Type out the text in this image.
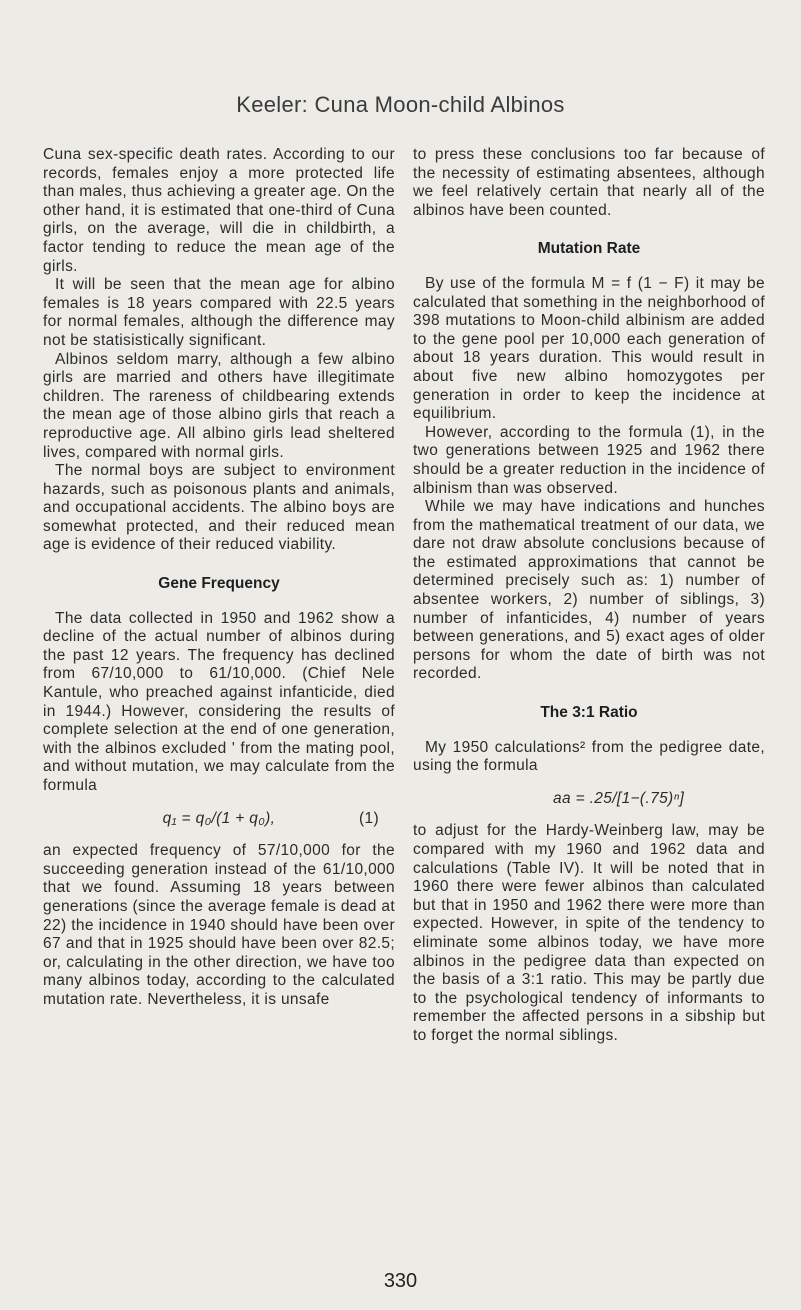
Keeler: Cuna Moon-child Albinos

Cuna sex-specific death rates. According to our records, females enjoy a more protected life than males, thus achieving a greater age. On the other hand, it is estimated that one-third of Cuna girls, on the average, will die in childbirth, a factor tending to reduce the mean age of the girls.

It will be seen that the mean age for albino females is 18 years compared with 22.5 years for normal females, although the difference may not be statisistically significant.

Albinos seldom marry, although a few albino girls are married and others have illegitimate children. The rareness of childbearing extends the mean age of those albino girls that reach a reproductive age. All albino girls lead sheltered lives, compared with normal girls.

The normal boys are subject to environment hazards, such as poisonous plants and animals, and occupational accidents. The albino boys are somewhat protected, and their reduced mean age is evidence of their reduced viability.

Gene Frequency

The data collected in 1950 and 1962 show a decline of the actual number of albinos during the past 12 years. The frequency has declined from 67/10,000 to 61/10,000. (Chief Nele Kantule, who preached against infanticide, died in 1944.) However, considering the results of complete selection at the end of one generation, with the albinos excluded ' from the mating pool, and without mutation, we may calculate from the formula

q₁ = q₀/(1 + q₀),	(1)

an expected frequency of 57/10,000 for the succeeding generation instead of the 61/10,000 that we found. Assuming 18 years between generations (since the average female is dead at 22) the incidence in 1940 should have been over 67 and that in 1925 should have been over 82.5; or, calculating in the other direction, we have too many albinos today, according to the calculated mutation rate. Nevertheless, it is unsafe

to press these conclusions too far because of the necessity of estimating absentees, although we feel relatively certain that nearly all of the albinos have been counted.

Mutation Rate

By use of the formula M = f (1 − F) it may be calculated that something in the neighborhood of 398 mutations to Moon-child albinism are added to the gene pool per 10,000 each generation of about 18 years duration. This would result in about five new albino homozygotes per generation in order to keep the incidence at equilibrium.

However, according to the formula (1), in the two generations between 1925 and 1962 there should be a greater reduction in the incidence of albinism than was observed.

While we may have indications and hunches from the mathematical treatment of our data, we dare not draw absolute conclusions because of the estimated approximations that cannot be determined precisely such as: 1) number of absentee workers, 2) number of siblings, 3) number of infanticides, 4) number of years between generations, and 5) exact ages of older persons for whom the date of birth was not recorded.

The 3:1 Ratio

My 1950 calculations² from the pedigree date, using the formula

aa = .25/[1−(.75)ⁿ]

to adjust for the Hardy-Weinberg law, may be compared with my 1960 and 1962 data and calculations (Table IV). It will be noted that in 1960 there were fewer albinos than calculated but that in 1950 and 1962 there were more than expected. However, in spite of the tendency to eliminate some albinos today, we have more albinos in the pedigree data than expected on the basis of a 3:1 ratio. This may be partly due to the psychological tendency of informants to remember the affected persons in a sibship but to forget the normal siblings.

330
